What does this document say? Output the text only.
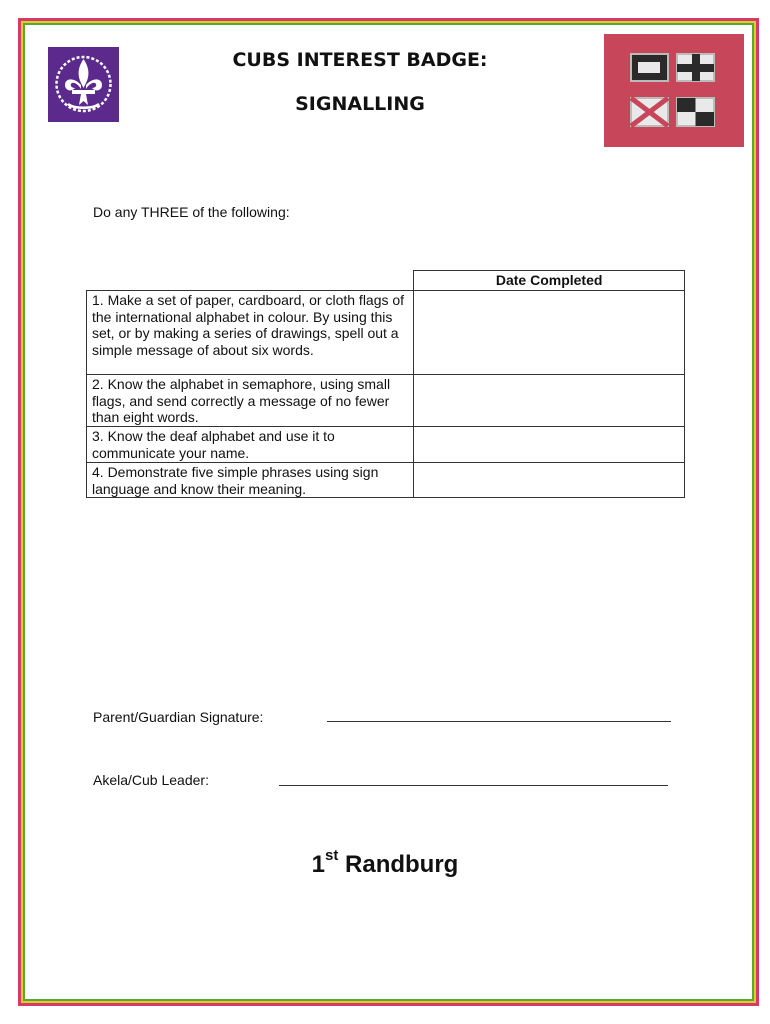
CUBS INTEREST BADGE:
SIGNALLING
Do any THREE of the following:
	Date Completed
1. Make a set of paper, cardboard, or cloth flags of the international alphabet in colour. By using this set, or by making a series of drawings, spell out a simple message of about six words.	
2. Know the alphabet in semaphore, using small flags, and send correctly a message of no fewer than eight words.	
3. Know the deaf alphabet and use it to communicate your name.	
4. Demonstrate five simple phrases using sign language and know their meaning.	
Parent/Guardian Signature:
Akela/Cub Leader:
1st Randburg
